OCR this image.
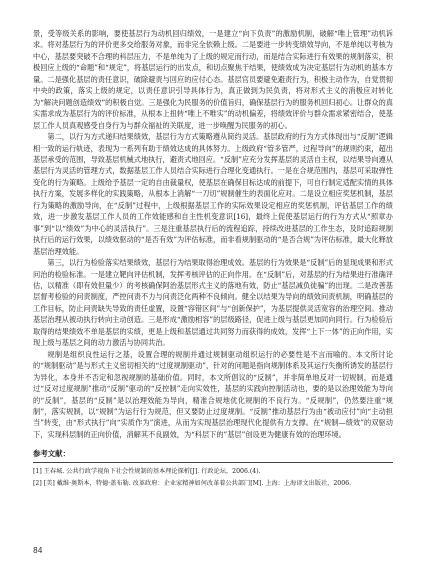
景，受等级关系的影响，要使基层行为动机回归绩效，一是建立“向下负责”的激励机制，破解“唯上管理”动机诉求。将对基层行为的评价更多交给服务对象，而非完全依赖上级。二是要进一步转变绩效导向，不是单纯以考核为中心，基层要突破不合理的科层压力，不是单纯为了上级的规定而行动，而是结合实际进行有效果的规制落实，积极回应上级的“命题”和“规定”，将基层运行的出发点，和切点聚焦于结果，使绩效成为决定基层行为动机的基本方量。二是强化基层的责任意识，破除避责与回应的应付心态。基层官员要避免避责行为，积极主动作为，自觉贯彻中央的政策，落实上级的规定，以责任意识引导具体行为，真正做到为民负责，将对形式主义的消极应对转化为“解决问题创造绩效”的积极自觉。三是强化为民服务的价值旨归，确保基层行为的服务机回归初心。让群众的真实需求成为基层行为的评价标准，从根本上扭转“唯上不唯实”的动机偏差，将绩效评价与群众需求紧密结合，使基层工作人员真观感受自身行为与群众福祉的关联度，进一步唤醒为民服务的初心。

第二，以行为方式递归结果绩效，基层行为方式策略遵从简约灵活。基层政府的行为方式体现出与“反制”逻辑相一致的运行轨迹，表现为一系列有助于绩效达成的具体努力。上级政府“管多管严，过程导向”的规则约束，超出基层承受的范围，导致基层机械式地执行，避责式地回应。“反制”应充分发挥基层的灵活自主权，以结果导向遵从基层行为灵活的管理方式，数据基层工作人员结合实际进行合理化变通执行。一是在合规范围内，基层可采取弹性变化的行为策略。上级给予基层一定的自由裁量权，使基层在确保目标达成的前提下，可自行制定适配实情的具体执行方案，发展多样化的实践策略，从根本上消解“一刀切”规制催生的表面化应对。二是设立相应奖惩机制，基层行为策略的激励导向，在“反制”过程中，上级根据基层工作的实际效果设定相应的奖惩机制，评估基层工作的绩效，进一步激发基层工作人员的工作效能感和自主性机变意识[16]，最终上促使基层运行的行为方式从“照章办事”到“以“绩效”为中心的灵活执行”。三是注重基层执行后的流程追踪，持续改进基层的工作生态，及时追踪规制执行后的运行效果，以绩效驱动的“是否有效”为评估标准，而非看规制驱动的“是否合规”为评估标准，最大化释放基层治理效能。

第三，以行为检验落实结果绩效，基层行为结果取得治理成效。基层的行为效果是“反制”后的显现成果和形式问治的检验标准。一是建立靶向评估机制，发挥考核评估的正向作用。在“反制”后，对基层的行为结果进行准确评估，以精准（即有效但量少）的考核确保阿治基层形式主义的落地有效，防止“基层减负徒骗”的出现。二是改善基层督考检验的问责制度，严控问责不力与问责泛化两种不良倾向。健全以结果为导向的绩效问责机制，明确基层的工作目标，防止问责缺失导致的责任虚置，设置“容错区间”与“创新保护”，为基层提供灵活宽容的治理空间。推动基层治理从被动执行转向主动创造。三是形成“激励相容”的层级路径，促进上级与基层更加同向同行。行为检验后取得的结果绩效不单是基层的实绩，更是上级和基层通过共同努力而获得的成效，发挥“上下一体”的正向作用，实现上级与基层之间的动力激活与协同共治。

规制是组织良性运行之基，设置合理的规制并通过规制驱动组织运行的必要性是不言而喻的。本文所讨论的“规制驱动”是与形式主义密切相关的“过度规制驱动”，针对的问题是指向规制体系及其运行失衡所诱发的基层行为异化，本身并不否定和忽视规制的基础价值。同时，本文所倡议的“反制”，并非简单地反对一切规制，而是通过“反对过度规制”推动“反制”驱动的“反控制”走向实效性，基层的实践向控制活动也，要的是以治理效能为导向的“反制”，基层的“反制”是以治理效能为导向，精准合规地优化规制的不良行为。“反规制”，仍然要注重“规制”，落实规制，以“规制”为运行行为规范，但又要防止过度规制。“反制”推动基层行为由“被动应付”向“主动担当”转变，由“形式执行”向“实质作为”演进，从而为实现基层治理现代化提供有力支撑。在“规制—绩效”的双驱动下，实现科层制的正向价值，消解其不良副效，为“科层下的”基层”创设更为健康有效的治理环境。

参考文献：
[1] 王春城. 公共行政学视角下社会性规制的基本理论探析[J]. 行政论坛，2006.(4).
[2] [美] 戴维·奥斯本，特德·盖布勒. 改革政府：企业家精神如何改革着公共部门[M]. 上海：上海译文出版社，2006.
84
